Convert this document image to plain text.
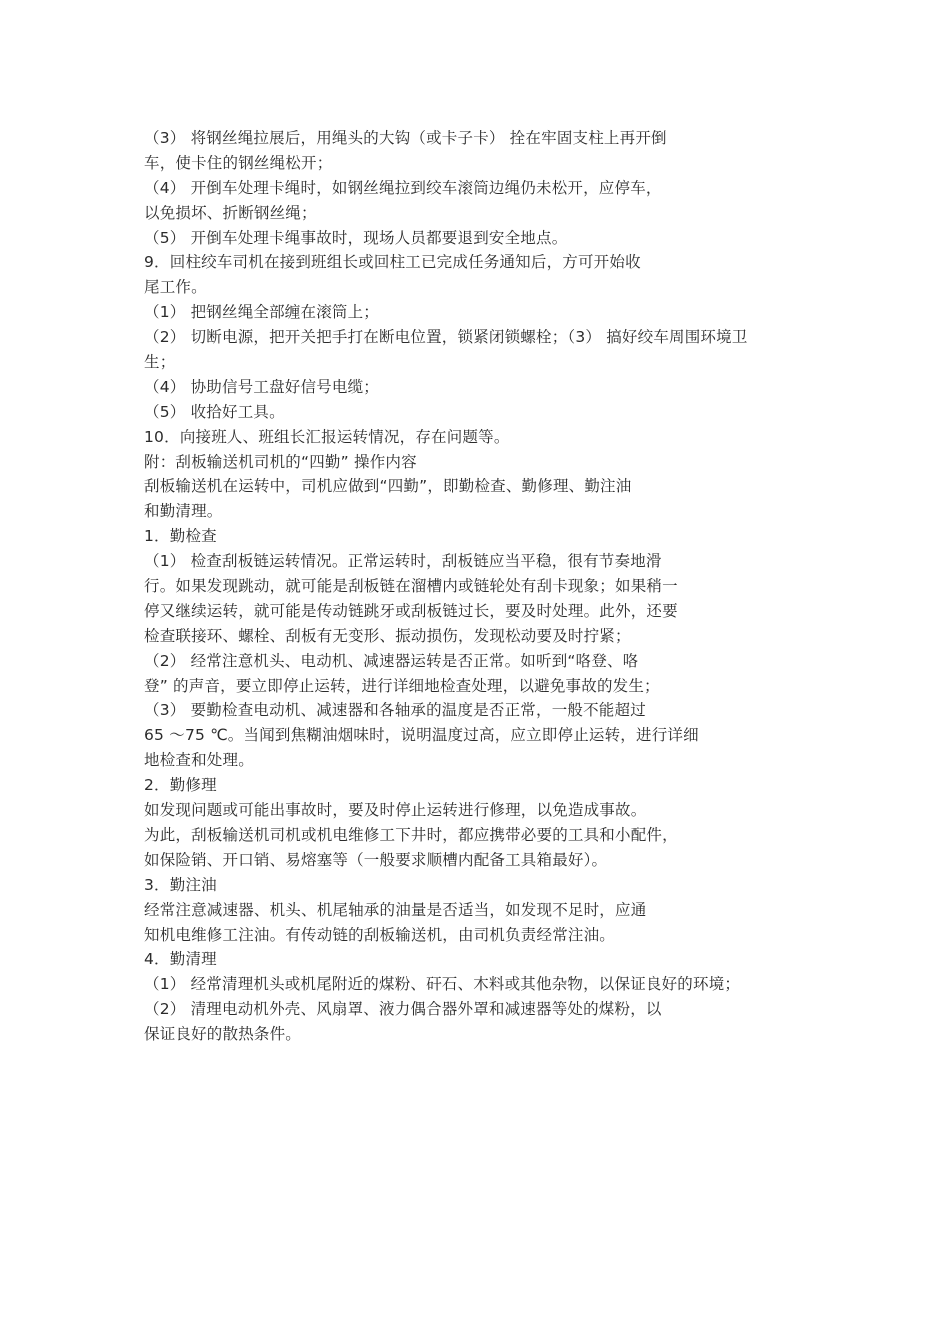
（3） 将钢丝绳拉展后，用绳头的大钩（或卡子卡） 拴在牢固支柱上再开倒
车，使卡住的钢丝绳松开；
（4） 开倒车处理卡绳时，如钢丝绳拉到绞车滚筒边绳仍未松开，应停车，
以免损坏、折断钢丝绳；
（5） 开倒车处理卡绳事故时，现场人员都要退到安全地点。
9．回柱绞车司机在接到班组长或回柱工已完成任务通知后，方可开始收
尾工作。
（1） 把钢丝绳全部缠在滚筒上；
（2） 切断电源，把开关把手打在断电位置，锁紧闭锁螺栓；（3） 搞好绞车周围环境卫
生；
（4） 协助信号工盘好信号电缆；
（5） 收拾好工具。
10．向接班人、班组长汇报运转情况，存在问题等。
附：刮板输送机司机的“四勤” 操作内容
刮板输送机在运转中，司机应做到“四勤”，即勤检查、勤修理、勤注油
和勤清理。
1．勤检查
（1） 检查刮板链运转情况。正常运转时，刮板链应当平稳，很有节奏地滑
行。如果发现跳动，就可能是刮板链在溜槽内或链轮处有刮卡现象；如果稍一
停又继续运转，就可能是传动链跳牙或刮板链过长，要及时处理。此外，还要
检查联接环、螺栓、刮板有无变形、振动损伤，发现松动要及时拧紧；
（2） 经常注意机头、电动机、减速器运转是否正常。如听到“咯登、咯
登” 的声音，要立即停止运转，进行详细地检查处理，以避免事故的发生；
（3） 要勤检查电动机、减速器和各轴承的温度是否正常，一般不能超过
65 ～75 ℃。当闻到焦糊油烟味时，说明温度过高，应立即停止运转，进行详细
地检查和处理。
2．勤修理
如发现问题或可能出事故时，要及时停止运转进行修理，以免造成事故。
为此，刮板输送机司机或机电维修工下井时，都应携带必要的工具和小配件，
如保险销、开口销、易熔塞等（一般要求顺槽内配备工具箱最好）。
3．勤注油
经常注意减速器、机头、机尾轴承的油量是否适当，如发现不足时，应通
知机电维修工注油。有传动链的刮板输送机，由司机负责经常注油。
4．勤清理
（1） 经常清理机头或机尾附近的煤粉、矸石、木料或其他杂物，以保证良好的环境；
（2） 清理电动机外壳、风扇罩、液力偶合器外罩和减速器等处的煤粉，以
保证良好的散热条件。
